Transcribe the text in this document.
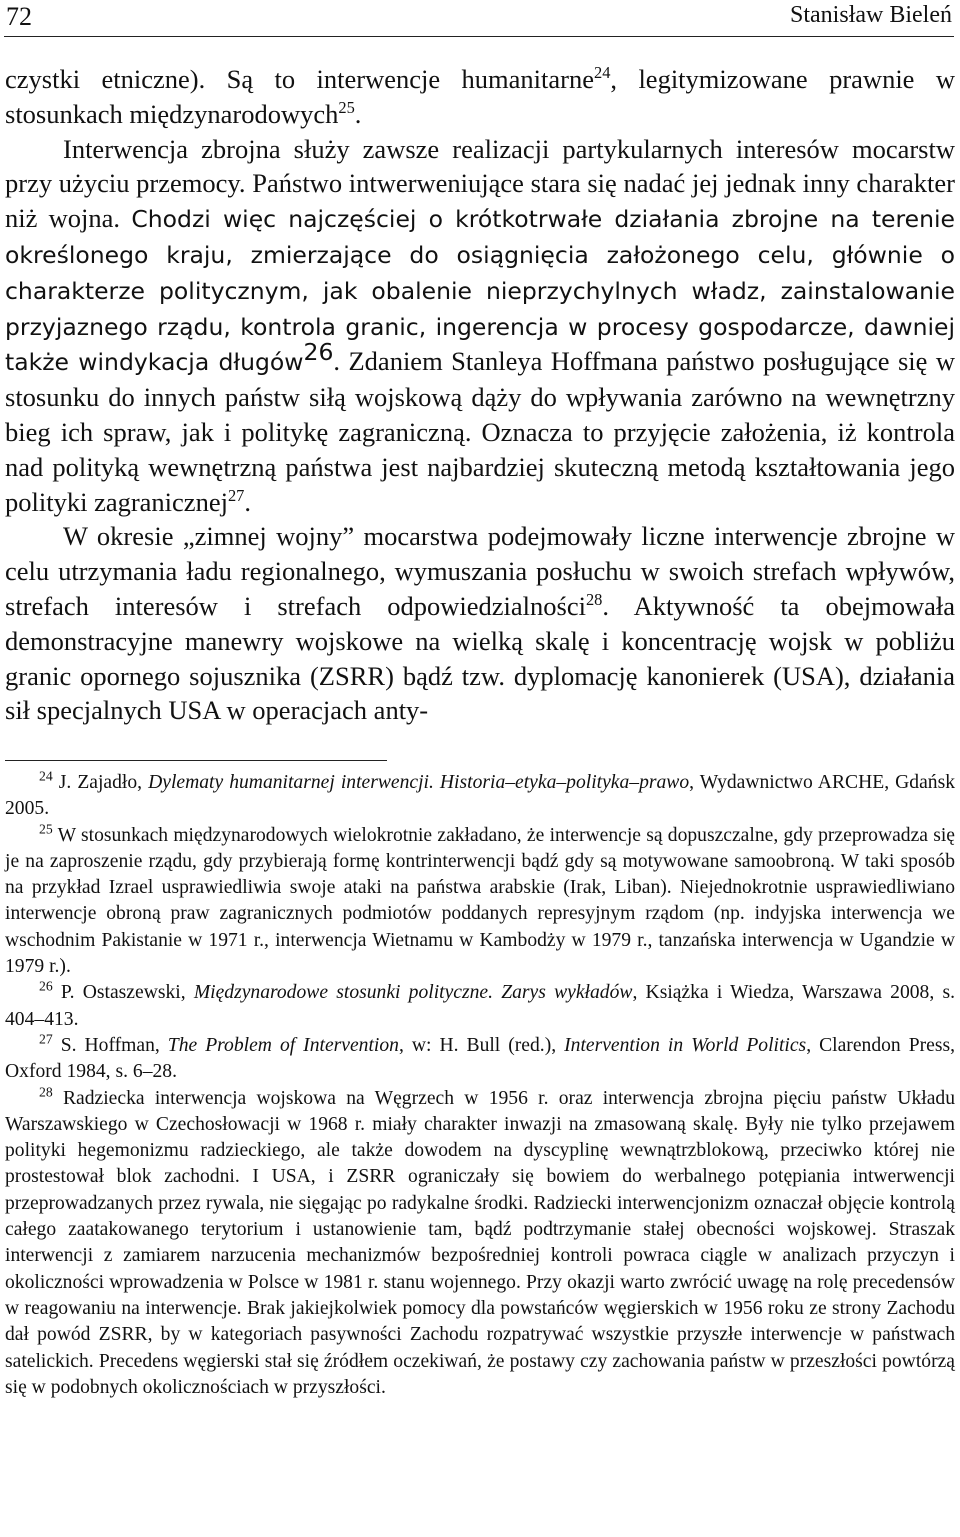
72	Stanisław Bieleń

czystki etniczne). Są to interwencje humanitarne$^{24}$, legitymizowane prawnie w stosunkach międzynarodowych$^{25}$.

Interwencja zbrojna służy zawsze realizacji partykularnych interesów mocarstw przy użyciu przemocy. Państwo intwerweniujące stara się nadać jej jednak inny charakter niż wojna. Chodzi więc najczęściej o krótkotrwałe działania zbrojne na terenie określonego kraju, zmierzające do osiągnięcia założonego celu, głównie o charakterze politycznym, jak obalenie nieprzychylnych władz, zainstalowanie przyjaznego rządu, kontrola granic, ingerencja w procesy gospodarcze, dawniej także windykacja długów$^{26}$. Zdaniem Stanleya Hoffmana państwo posługujące się w stosunku do innych państw siłą wojskową dąży do wpływania zarówno na wewnętrzny bieg ich spraw, jak i politykę zagraniczną. Oznacza to przyjęcie założenia, iż kontrola nad polityką wewnętrzną państwa jest najbardziej skuteczną metodą kształtowania jego polityki zagranicznej$^{27}$.

W okresie „zimnej wojny” mocarstwa podejmowały liczne interwencje zbrojne w celu utrzymania ładu regionalnego, wymuszania posłuchu w swoich strefach wpływów, strefach interesów i strefach odpowiedzialności$^{28}$. Aktywność ta obejmowała demonstracyjne manewry wojskowe na wielką skalę i koncentrację wojsk w pobliżu granic opornego sojusznika (ZSRR) bądź tzw. dyplomację kanonierek (USA), działania sił specjalnych USA w operacjach anty-

$^{24}$ J. Zajadło, Dylematy humanitarnej interwencji. Historia–etyka–polityka–prawo, Wydawnictwo ARCHE, Gdańsk 2005.

$^{25}$ W stosunkach międzynarodowych wielokrotnie zakładano, że interwencje są dopuszczalne, gdy przeprowadza się je na zaproszenie rządu, gdy przybierają formę kontrinterwencji bądź gdy są motywowane samoobroną. W taki sposób na przykład Izrael usprawiedliwia swoje ataki na państwa arabskie (Irak, Liban). Niejednokrotnie usprawiedliwiano interwencje obroną praw zagranicznych podmiotów poddanych represyjnym rządom (np. indyjska interwencja we wschodnim Pakistanie w 1971 r., interwencja Wietnamu w Kambodży w 1979 r., tanzańska interwencja w Ugandzie w 1979 r.).

$^{26}$ P. Ostaszewski, Międzynarodowe stosunki polityczne. Zarys wykładów, Książka i Wiedza, Warszawa 2008, s. 404–413.

$^{27}$ S. Hoffman, The Problem of Intervention, w: H. Bull (red.), Intervention in World Politics, Clarendon Press, Oxford 1984, s. 6–28.

$^{28}$ Radziecka interwencja wojskowa na Węgrzech w 1956 r. oraz interwencja zbrojna pięciu państw Układu Warszawskiego w Czechosłowacji w 1968 r. miały charakter inwazji na zmasowaną skalę. Były nie tylko przejawem polityki hegemonizmu radzieckiego, ale także dowodem na dyscyplinę wewnątrzblokową, przeciwko której nie prostestował blok zachodni. I USA, i ZSRR ograniczały się bowiem do werbalnego potępiania intwerwencji przeprowadzanych przez rywala, nie sięgając po radykalne środki. Radziecki interwencjonizm oznaczał objęcie kontrolą całego zaatakowanego terytorium i ustanowienie tam, bądź podtrzymanie stałej obecności wojskowej. Straszak interwencji z zamiarem narzucenia mechanizmów bezpośredniej kontroli powraca ciągle w analizach przyczyn i okoliczności wprowadzenia w Polsce w 1981 r. stanu wojennego. Przy okazji warto zwrócić uwagę na rolę precedensów w reagowaniu na interwencje. Brak jakiejkolwiek pomocy dla powstańców węgierskich w 1956 roku ze strony Zachodu dał powód ZSRR, by w kategoriach pasywności Zachodu rozpatrywać wszystkie przyszłe interwencje w państwach satelickich. Precedens węgierski stał się źródłem oczekiwań, że postawy czy zachowania państw w przeszłości powtórzą się w podobnych okolicznościach w przyszłości.
